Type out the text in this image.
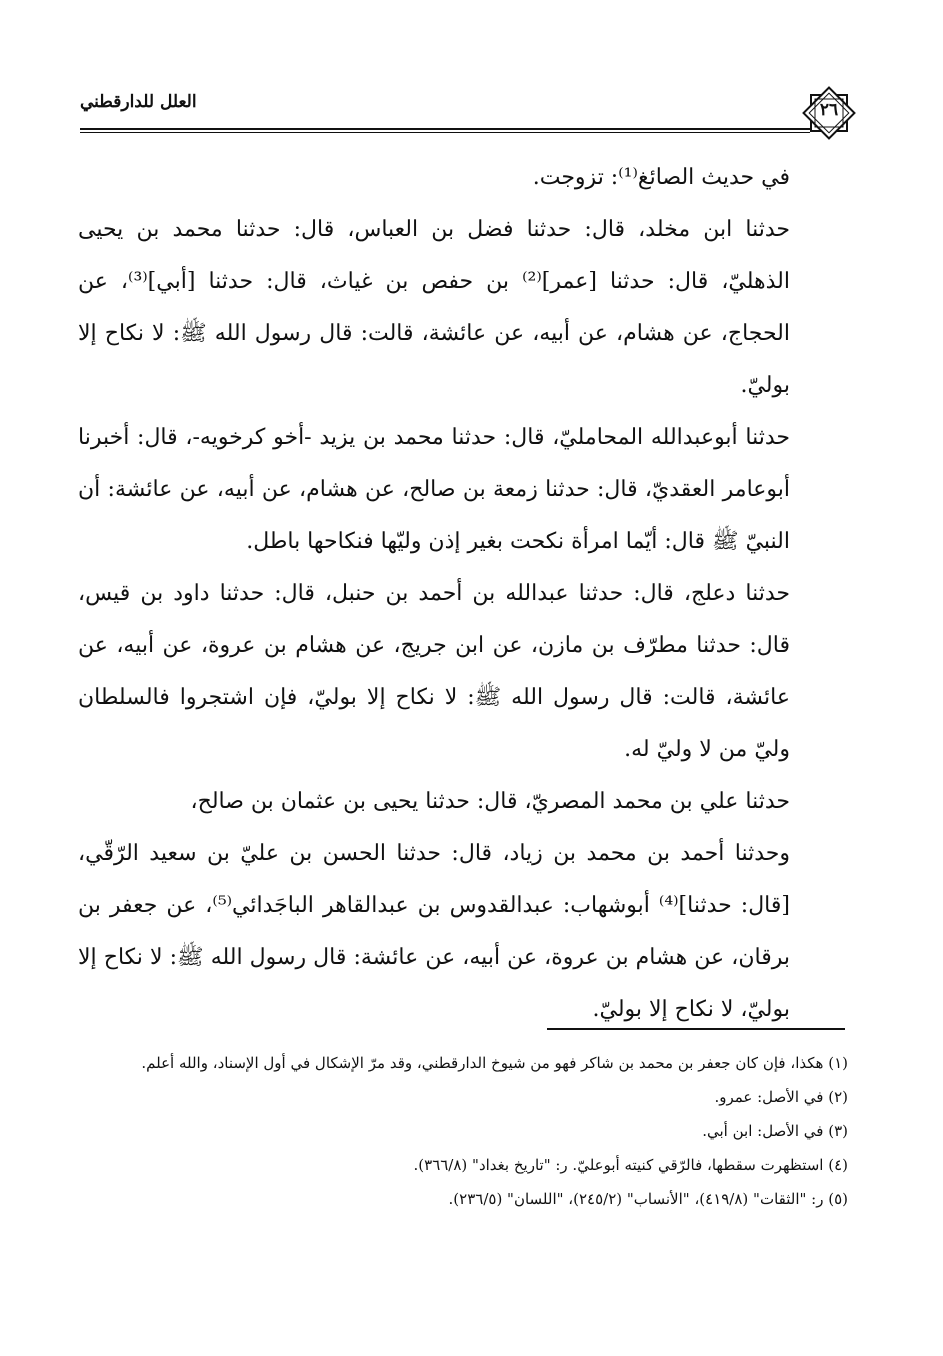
العلل للدارقطني	٢٦

في حديث الصائغ⁽¹⁾: تزوجت.

حدثنا ابن مخلد، قال: حدثنا فضل بن العباس، قال: حدثنا محمد بن يحيى الذهليّ، قال: حدثنا [عمر]⁽²⁾ بن حفص بن غياث، قال: حدثنا [أبي]⁽³⁾، عن الحجاج، عن هشام، عن أبيه، عن عائشة، قالت: قال رسول الله ﷺ: لا نكاح إلا بوليّ.

حدثنا أبوعبدالله المحامليّ، قال: حدثنا محمد بن يزيد -أخو كرخويه-، قال: أخبرنا أبوعامر العقديّ، قال: حدثنا زمعة بن صالح، عن هشام، عن أبيه، عن عائشة: أن النبيّ ﷺ قال: أيّما امرأة نكحت بغير إذن وليّها فنكاحها باطل.

حدثنا دعلج، قال: حدثنا عبدالله بن أحمد بن حنبل، قال: حدثنا داود بن قيس، قال: حدثنا مطرّف بن مازن، عن ابن جريج، عن هشام بن عروة، عن أبيه، عن عائشة، قالت: قال رسول الله ﷺ: لا نكاح إلا بوليّ، فإن اشتجروا فالسلطان وليّ من لا وليّ له.

حدثنا علي بن محمد المصريّ، قال: حدثنا يحيى بن عثمان بن صالح،

وحدثنا أحمد بن محمد بن زياد، قال: حدثنا الحسن بن عليّ بن سعيد الرّقّي، [قال: حدثنا]⁽⁴⁾ أبوشهاب: عبدالقدوس بن عبدالقاهر الباجَدائي⁽⁵⁾، عن جعفر بن برقان، عن هشام بن عروة، عن أبيه، عن عائشة: قال رسول الله ﷺ: لا نكاح إلا بوليّ، لا نكاح إلا بوليّ.

(١) هكذا، فإن كان جعفر بن محمد بن شاكر فهو من شيوخ الدارقطني، وقد مرّ الإشكال في أول الإسناد، والله أعلم.

(٢) في الأصل: عمرو.

(٣) في الأصل: ابن أبي.

(٤) استظهرت سقطها، فالرّقي كنيته أبوعليّ. ر: "تاريخ بغداد" (٣٦٦/٨).

(٥) ر: "الثقات" (٤١٩/٨)، "الأنساب" (٢٤٥/٢)، "اللسان" (٢٣٦/٥).
